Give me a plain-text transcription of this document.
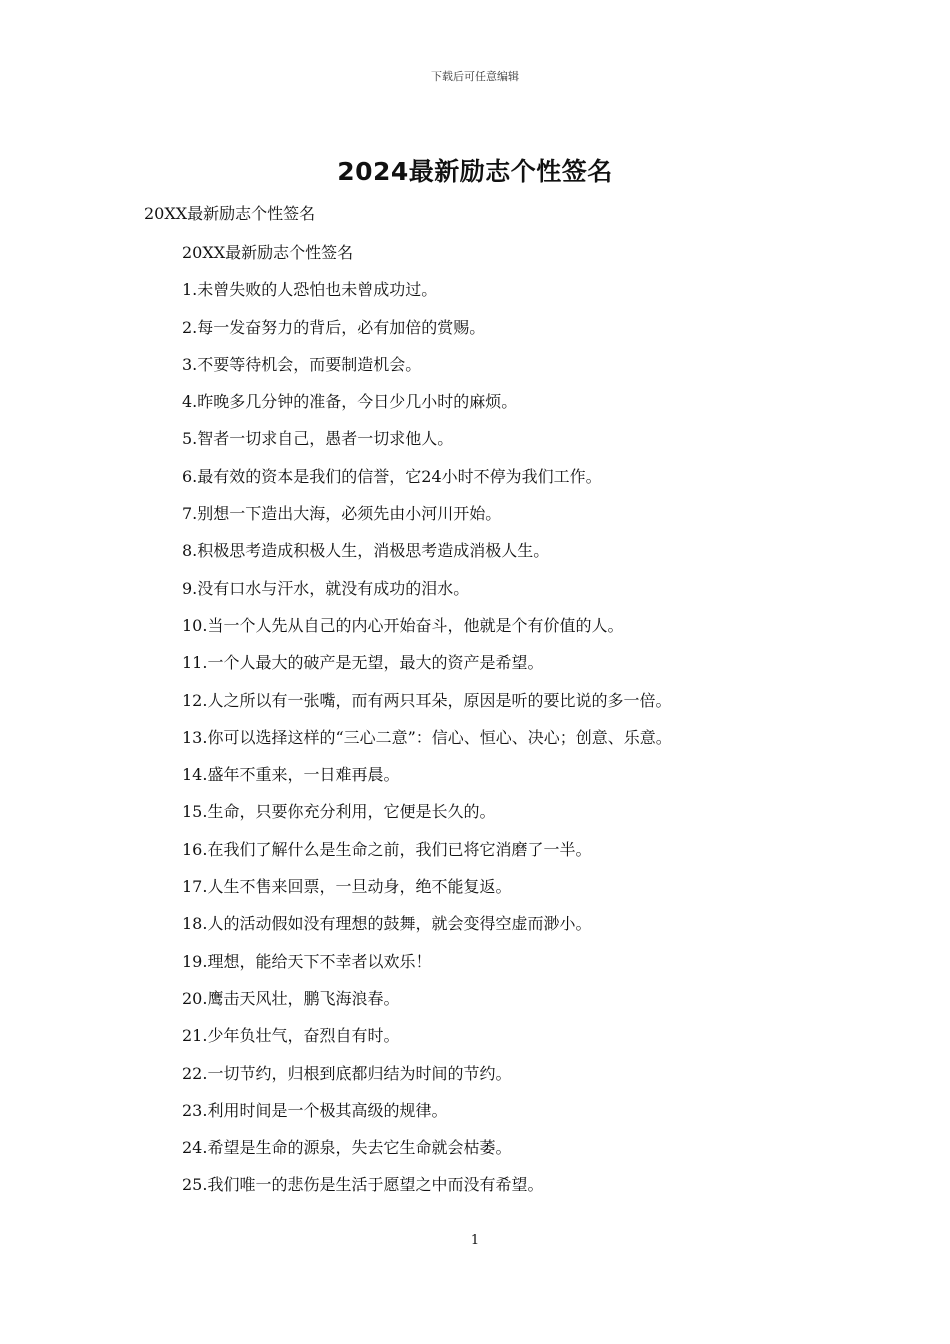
下载后可任意编辑
2024最新励志个性签名

20XX最新励志个性签名

20XX最新励志个性签名
1.未曾失败的人恐怕也未曾成功过。
2.每一发奋努力的背后，必有加倍的赏赐。
3.不要等待机会，而要制造机会。
4.昨晚多几分钟的准备，今日少几小时的麻烦。
5.智者一切求自己，愚者一切求他人。
6.最有效的资本是我们的信誉，它24小时不停为我们工作。
7.别想一下造出大海，必须先由小河川开始。
8.积极思考造成积极人生，消极思考造成消极人生。
9.没有口水与汗水，就没有成功的泪水。
10.当一个人先从自己的内心开始奋斗，他就是个有价值的人。
11.一个人最大的破产是无望，最大的资产是希望。
12.人之所以有一张嘴，而有两只耳朵，原因是听的要比说的多一倍。
13.你可以选择这样的“三心二意”：信心、恒心、决心；创意、乐意。
14.盛年不重来，一日难再晨。
15.生命，只要你充分利用，它便是长久的。
16.在我们了解什么是生命之前，我们已将它消磨了一半。
17.人生不售来回票，一旦动身，绝不能复返。
18.人的活动假如没有理想的鼓舞，就会变得空虚而渺小。
19.理想，能给天下不幸者以欢乐！
20.鹰击天风壮，鹏飞海浪春。
21.少年负壮气，奋烈自有时。
22.一切节约，归根到底都归结为时间的节约。
23.利用时间是一个极其高级的规律。
24.希望是生命的源泉，失去它生命就会枯萎。
25.我们唯一的悲伤是生活于愿望之中而没有希望。
1
